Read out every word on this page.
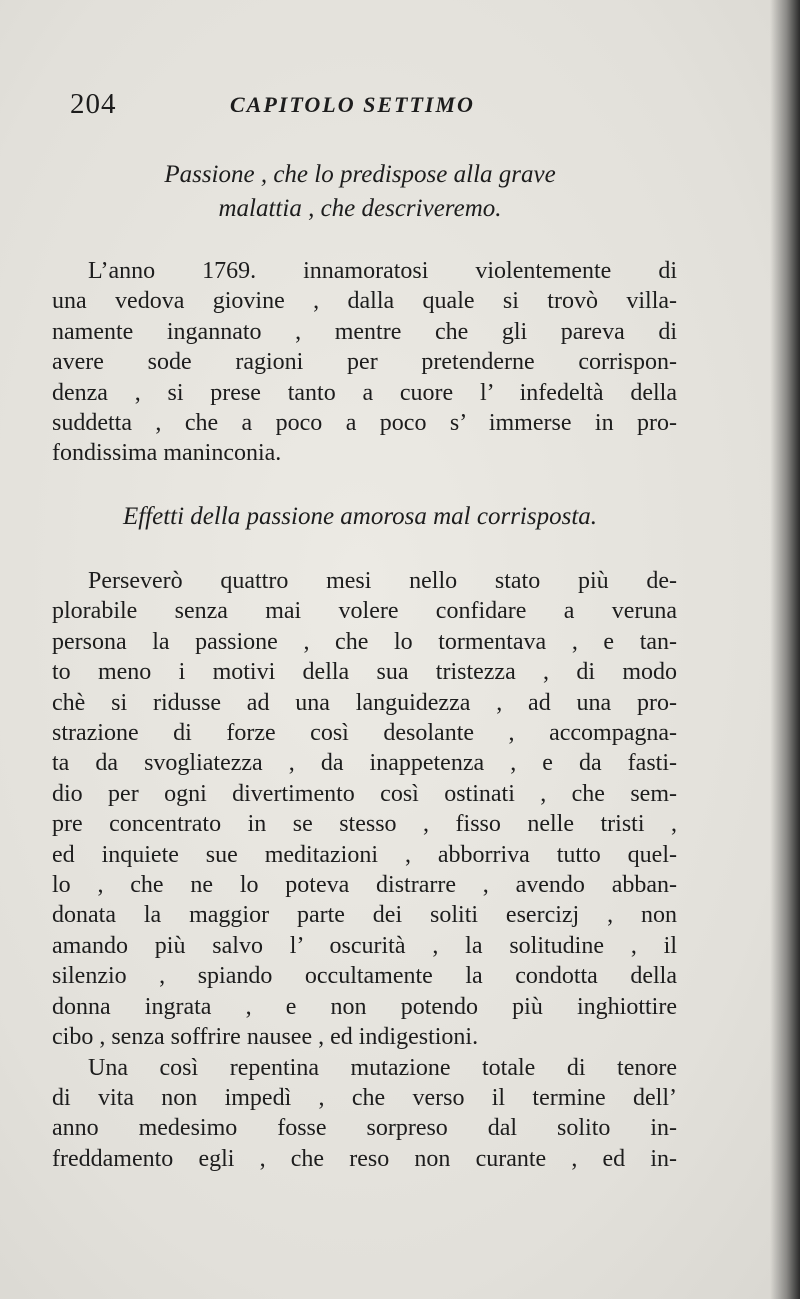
204	CAPITOLO SETTIMO
Passione , che lo predispose alla grave
malattia , che descriveremo.
L’anno 1769. innamoratosi violentemente di
una vedova giovine , dalla quale si trovò villa-
namente ingannato , mentre che gli pareva di
avere sode ragioni per pretenderne corrispon-
denza , si prese tanto a cuore l’ infedeltà della
suddetta , che a poco a poco s’ immerse in pro-
fondissima maninconia.
Effetti della passione amorosa mal corrisposta.
Perseverò quattro mesi nello stato più de-
plorabile senza mai volere confidare a veruna
persona la passione , che lo tormentava , e tan-
to meno i motivi della sua tristezza , di modo
chè si ridusse ad una languidezza , ad una pro-
strazione di forze così desolante , accompagna-
ta da svogliatezza , da inappetenza , e da fasti-
dio per ogni divertimento così ostinati , che sem-
pre concentrato in se stesso , fisso nelle tristi ,
ed inquiete sue meditazioni , abborriva tutto quel-
lo , che ne lo poteva distrarre , avendo abban-
donata la maggior parte dei soliti esercizj , non
amando più salvo l’ oscurità , la solitudine , il
silenzio , spiando occultamente la condotta della
donna ingrata , e non potendo più inghiottire
cibo , senza soffrire nausee , ed indigestioni.
Una così repentina mutazione totale di tenore
di vita non impedì , che verso il termine dell’
anno medesimo fosse sorpreso dal solito in-
freddamento egli , che reso non curante , ed in-
